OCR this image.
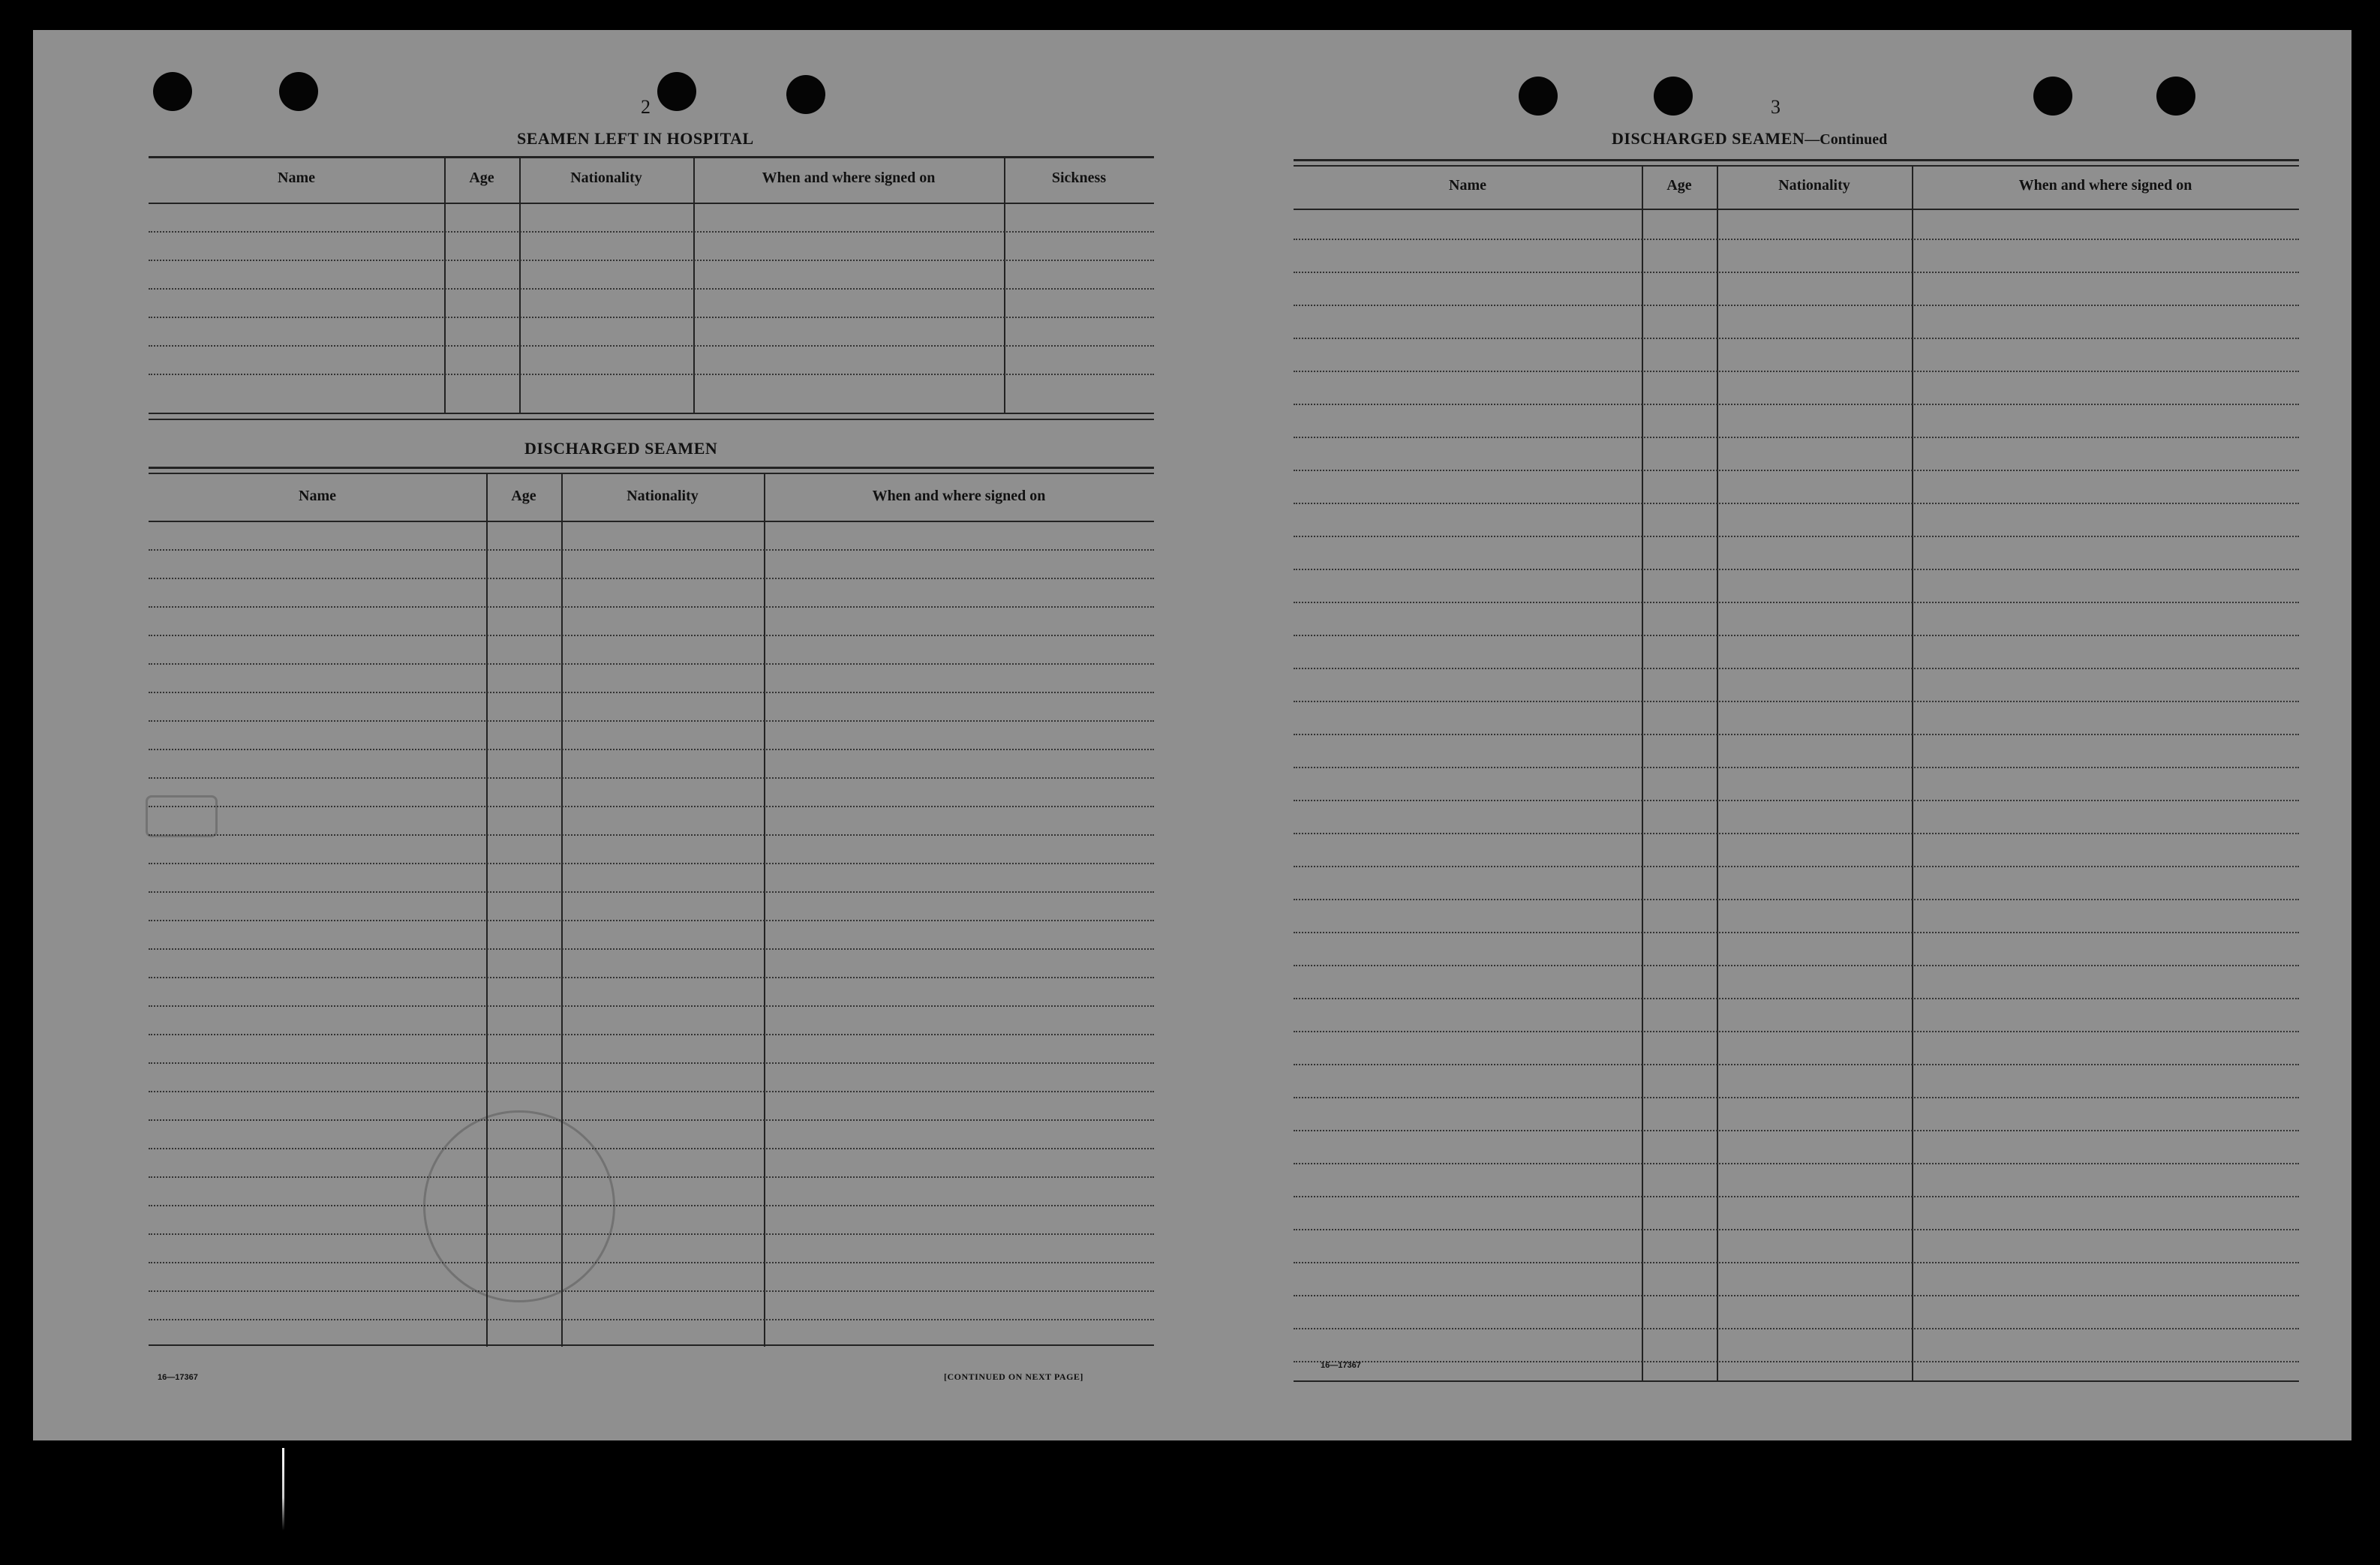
2
SEAMEN LEFT IN HOSPITAL
Name	Age	Nationality	When and where signed on	Sickness
DISCHARGED SEAMEN
Name	Age	Nationality	When and where signed on
16—17367	[CONTINUED ON NEXT PAGE]
3
DISCHARGED SEAMEN—Continued
Name	Age	Nationality	When and where signed on
16—17367
